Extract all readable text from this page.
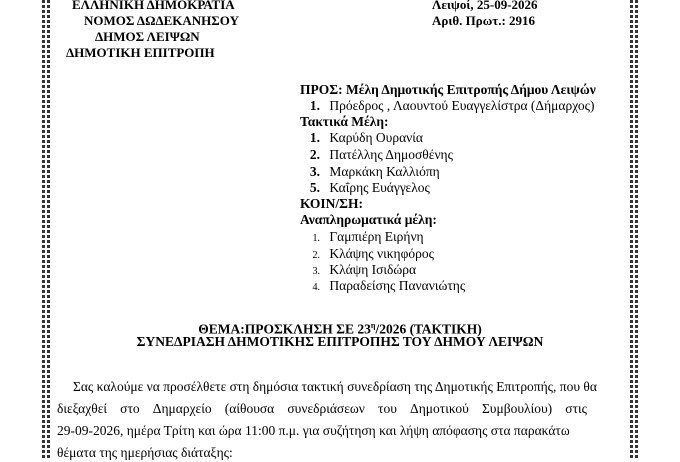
ΕΛΛΗΝΙΚΗ ΔΗΜΟΚΡΑΤΙΑ
ΝΟΜΟΣ ΔΩΔΕΚΑΝΗΣΟΥ
ΔΗΜΟΣ ΛΕΙΨΩΝ
ΔΗΜΟΤΙΚΗ ΕΠΙΤΡΟΠΗ
Λειψοί, 25-09-2026
Αριθ. Πρωτ.: 2916
ΠΡΟΣ: Μέλη Δημοτικής Επιτροπής Δήμου Λειψών
1. Πρόεδρος , Λαουντού Ευαγγελίστρα (Δήμαρχος)
Τακτικά Μέλη:
1. Καρύδη Ουρανία
2. Πατέλλης Δημοσθένης
3. Μαρκάκη Καλλιόπη
5. Καΐρης Ευάγγελος
ΚΟΙΝ/ΣΗ:
Αναπληρωματικά μέλη:
1. Γαμπιέρη Ειρήνη
2. Κλάψης νικηφόρος
3. Κλάψη Ισιδώρα
4. Παραδείσης Πανανιώτης
ΘΕΜΑ:ΠΡΟΣΚΛΗΣΗ ΣΕ $23^\eta/2026$ (ΤΑΚΤΙΚΗ)
ΣΥΝΕΔΡΙΑΣΗ ΔΗΜΟΤΙΚΗΣ ΕΠΙΤΡΟΠΗΣ ΤΟΥ ΔΗΜΟΥ ΛΕΙΨΩΝ
Σας καλούμε να προσέλθετε στη δημόσια τακτική συνεδρίαση της Δημοτικής Επιτροπής, που θα
διεξαχθεί στο Δημαρχείο (αίθουσα συνεδριάσεων του Δημοτικού Συμβουλίου) στις
29-09-2026, ημέρα Τρίτη και ώρα 11:00 π.μ. για συζήτηση και λήψη απόφασης στα παρακάτω
θέματα της ημερήσιας διάταξης:
